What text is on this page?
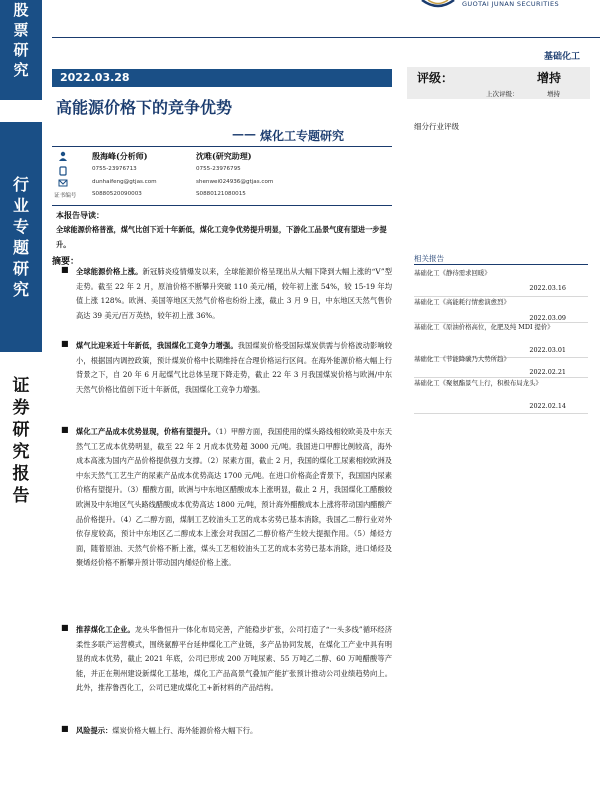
股
票
研
究
行
业
专
题
研
究
证
券
研
究
报
告
GUOTAI JUNAN SECURITIES
基础化工
2022.03.28
高能源价格下的竞争优势
—— 煤化工专题研究
评级：	增持
上次评级：	增持
细分行业评级
殷海峰(分析师)
0755-23976713
dunhaifeng@gtjas.com
证书编号	S0880520090003
沈唯(研究助理)
0755-23976795
shenwei024936@gtjas.com
S0880121080015
本报告导读：
全球能源价格普涨，煤气比创下近十年新低，煤化工竞争优势提升明显，下游化工品景气度有望进一步提升。
摘要：
■ 全球能源价格上涨。新冠肺炎疫情爆发以来，全球能源价格呈现出从大幅下降到大幅上涨的“V”型走势。截至 22 年 2 月，原油价格不断攀升突破 110 美元/桶，较年初上涨 54%，较 15-19 年均值上涨 128%。欧洲、美国等地区天然气价格也纷纷上涨，截止 3 月 9 日，中东地区天然气售价高达 39 美元/百万英热，较年初上涨 36%。
■ 煤气比迎来近十年新低，我国煤化工竞争力增强。我国煤炭价格受国际煤炭供需与价格波动影响较小，根据国内调控政策，预计煤炭价格中长期维持在合理价格运行区间。在海外能源价格大幅上行背景之下，自 20 年 6 月起煤气比总体呈现下降走势，截止 22 年 3 月我国煤炭价格与欧洲/中东天然气价格比值创下近十年新低，我国煤化工竞争力增强。
■ 煤化工产品成本优势显现，价格有望提升。（1）甲醇方面，我国使用的煤头路线相较欧美及中东天然气工艺成本优势明显，截至 22 年 2 月成本优势超 3000 元/吨。我国进口甲醇比例较高，海外成本高涨为国内产品价格提供强力支撑。（2）尿素方面，截止 2 月，我国的煤化工尿素相较欧洲及中东天然气工艺生产的尿素产品成本优势高达 1700 元/吨。在进口价格高企背景下，我国国内尿素价格有望提升。（3）醋酸方面，欧洲与中东地区醋酸成本上涨明显，截止 2 月，我国煤化工醋酸较欧洲及中东地区气头路线醋酸成本优势高达 1800 元/吨，预计海外醋酸成本上涨将带动国内醋酸产品价格提升。（4）乙二醇方面，煤制工艺较油头工艺的成本劣势已基本消除，我国乙二醇行业对外依存度较高，预计中东地区乙二醇成本上涨会对我国乙二醇价格产生较大提振作用。（5）烯烃方面，随着原油、天然气价格不断上涨，煤头工艺相较油头工艺的成本劣势已基本消除，进口烯烃及聚烯烃价格不断攀升预计带动国内烯烃价格上涨。
■ 推荐煤化工企业。龙头华鲁恒升一体化布局完善，产能稳步扩张，公司打造了“一头多线”循环经济柔性多联产运营模式，围绕氨醇平台延伸煤化工产业链，多产品协同发展，在煤化工产业中具有明显的成本优势，截止 2021 年底，公司已形成 200 万吨尿素、55 万吨乙二醇、60 万吨醋酸等产能，并正在荆州建设新煤化工基地，煤化工产品高景气叠加产能扩张预计推动公司业绩趋势向上。此外，推荐鲁西化工，公司已建成煤化工+新材料的产品结构。
■ 风险提示：煤炭价格大幅上行、海外能源价格大幅下行。
相关报告
基础化工《静待需求回暖》
2022.03.16
基础化工《高能耗行情愈演愈烈》
2022.03.09
基础化工《原油价格高位，化肥及纯 MDI 提价》
2022.03.01
基础化工《节能降碳乃大势所趋》
2022.02.21
基础化工《聚氨酯景气上行，积极布局龙头》
2022.02.14
